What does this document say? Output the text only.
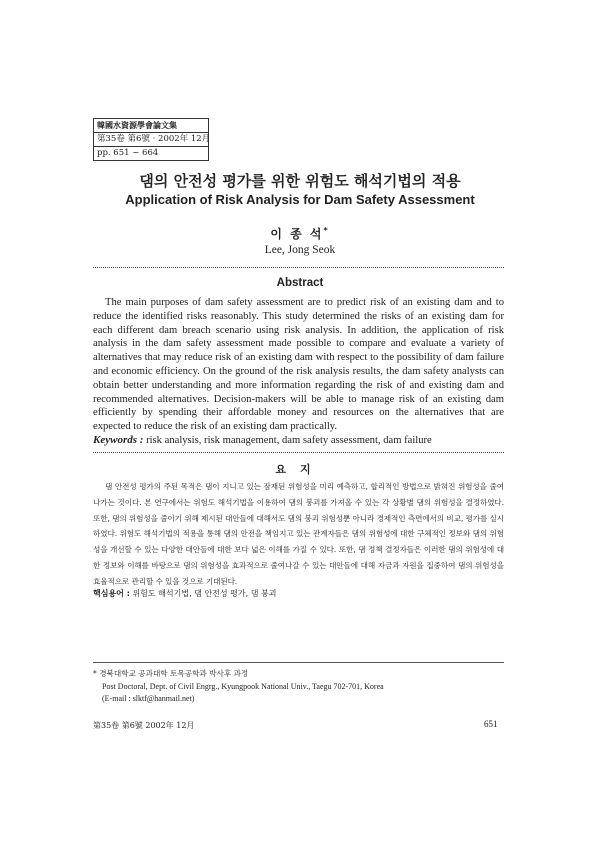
韓國水資源學會論文集
第35卷 第6號 · 2002年 12月
pp. 651 ~ 664
댐의 안전성 평가를 위한 위험도 해석기법의 적용
Application of Risk Analysis for Dam Safety Assessment
이 종 석*
Lee, Jong Seok
Abstract

The main purposes of dam safety assessment are to predict risk of an existing dam and to reduce the identified risks reasonably. This study determined the risks of an existing dam for each different dam breach scenario using risk analysis. In addition, the application of risk analysis in the dam safety assessment made possible to compare and evaluate a variety of alternatives that may reduce risk of an existing dam with respect to the possibility of dam failure and economic efficiency. On the ground of the risk analysis results, the dam safety analysts can obtain better understanding and more information regarding the risk of and existing dam and recommended alternatives. Decision-makers will be able to manage risk of an existing dam efficiently by spending their affordable money and resources on the alternatives that are expected to reduce the risk of an existing dam practically.

Keywords : risk analysis, risk management, dam safety assessment, dam failure
요지

댐 안전성 평가의 주된 목적은 댐이 지니고 있는 잠재된 위험성을 미리 예측하고, 합리적인 방법으로 밝혀진 위험성을 줄여나가는 것이다. 본 연구에서는 위험도 해석기법을 이용하여 댐의 붕괴를 가져올 수 있는 각 상황별 댐의 위험성을 결정하였다. 또한, 댐의 위험성을 줄이기 위해 제시된 대안들에 대해서도 댐의 붕괴 위험성뿐 아니라 경제적인 측면에서의 비교, 평가를 실시하였다. 위험도 해석기법의 적용을 통해 댐의 안전을 책임지고 있는 관계자들은 댐의 위험성에 대한 구체적인 정보와 댐의 위험성을 개선할 수 있는 다양한 대안들에 대한 보다 넓은 이해를 가질 수 있다. 또한, 댐 정책 결정자들은 이러한 댐의 위험성에 대한 정보와 이해를 바탕으로 댐의 위험성을 효과적으로 줄여나갈 수 있는 대안들에 대해 자금과 자원을 집중하여 댐의 위험성을 효율적으로 관리할 수 있을 것으로 기대된다.

핵심용어 : 위험도 해석기법, 댐 안전성 평가, 댐 붕괴
* 경북대학교 공과대학 토목공학과 박사후 과정
Post Doctoral, Dept. of Civil Engrg., Kyungpook National Univ., Taegu 702-701, Korea
(E-mail : slktf@hanmail.net)
第35卷 第6號 2002年 12月	651
